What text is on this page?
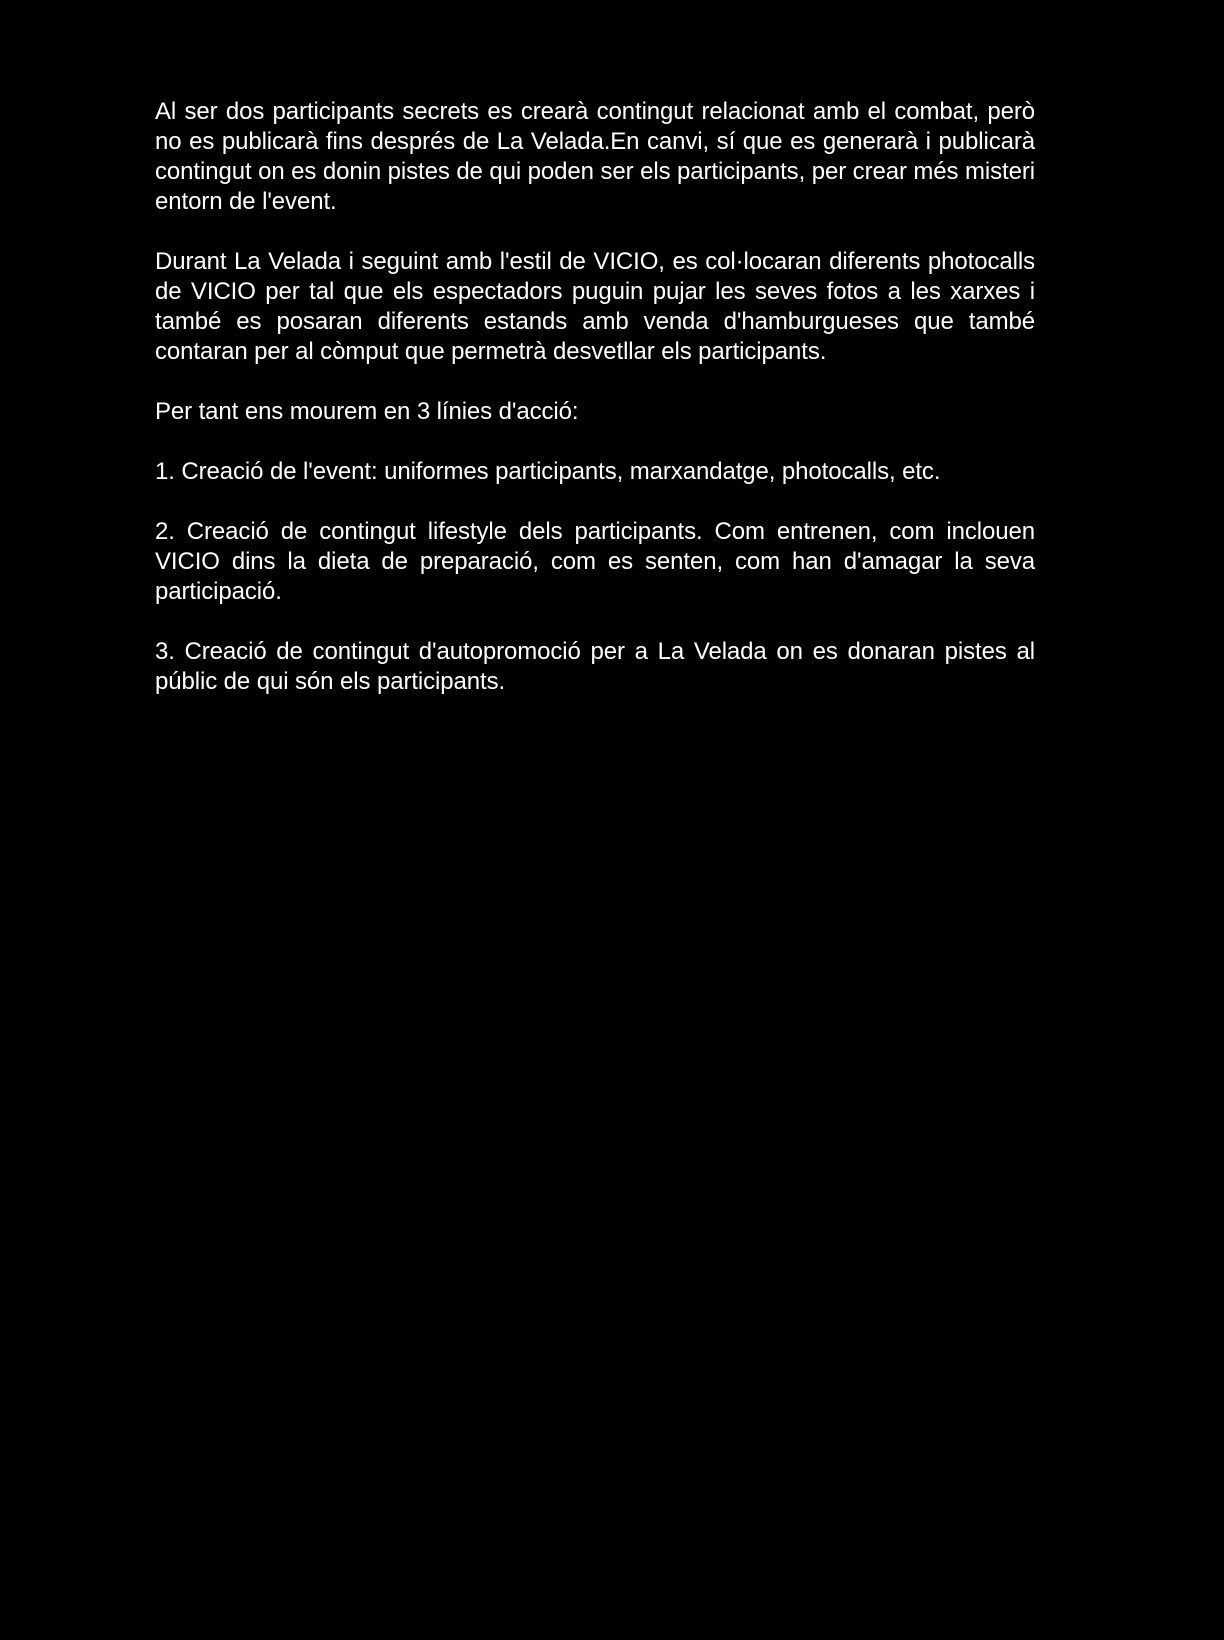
Al ser dos participants secrets es crearà contingut relacionat amb el combat, però no es publicarà fins després de La Velada.En canvi, sí que es generarà i publicarà contingut on es donin pistes de qui poden ser els participants, per crear més misteri entorn de l'event.

Durant La Velada i seguint amb l'estil de VICIO, es col·locaran diferents photocalls de VICIO per tal que els espectadors puguin pujar les seves fotos a les xarxes i també es posaran diferents estands amb venda d'hamburgueses que també contaran per al còmput que permetrà desvetllar els participants.

Per tant ens mourem en 3 línies d'acció:

1. Creació de l'event: uniformes participants, marxandatge, photocalls, etc.

2. Creació de contingut lifestyle dels participants. Com entrenen, com inclouen VICIO dins la dieta de preparació, com es senten, com han d'amagar la seva participació.

3. Creació de contingut d'autopromoció per a La Velada on es donaran pistes al públic de qui són els participants.
